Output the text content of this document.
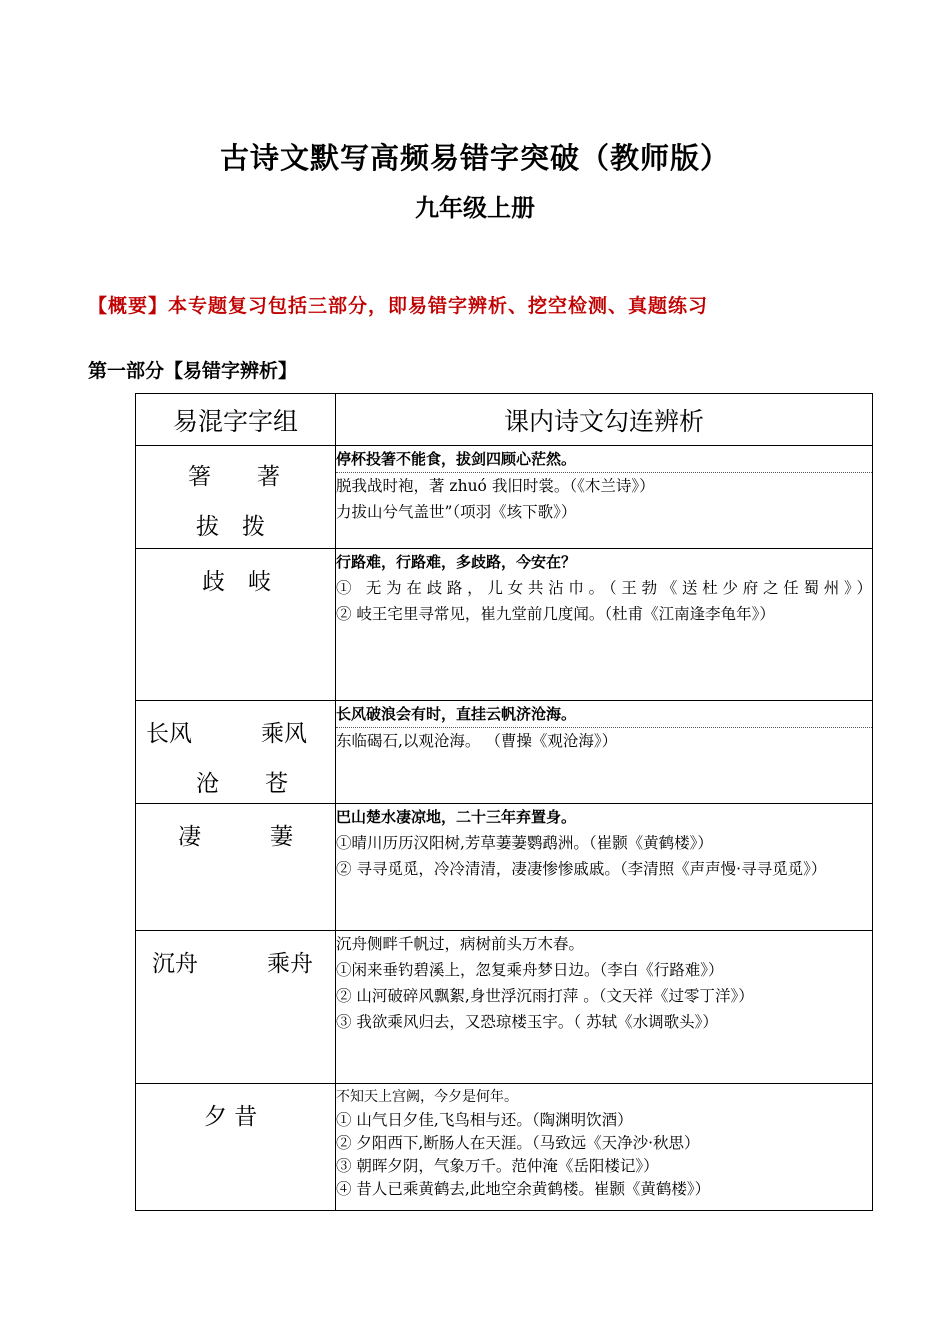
古诗文默写高频易错字突破（教师版）
九年级上册
【概要】本专题复习包括三部分，即易错字辨析、挖空检测、真题练习
第一部分【易错字辨析】
易混字字组	课内诗文勾连辨析

箸　　著
拔　拨	停杯投箸不能食，拔剑四顾心茫然。
脱我战时袍，著 zhuó 我旧时裳。（《木兰诗》）
力拔山兮气盖世”（项羽《垓下歌》）

歧　岐	行路难，行路难，多歧路，今安在？
① 无为在歧路，儿女共沾巾。（王勃《送杜少府之任蜀州》）
② 岐王宅里寻常见，崔九堂前几度闻。（杜甫《江南逢李龟年》）

长风　　　乘风
沧　　苍	长风破浪会有时，直挂云帆济沧海。
东临碣石,以观沧海。 （曹操《观沧海》）

凄　　　萋	巴山楚水凄凉地，二十三年弃置身。
①晴川历历汉阳树,芳草萋萋鹦鹉洲。（崔颢《黄鹤楼》）
② 寻寻觅觅，冷冷清清，凄凄惨惨戚戚。（李清照《声声慢·寻寻觅觅》）

沉舟　　　乘舟	沉舟侧畔千帆过，病树前头万木春。
①闲来垂钓碧溪上，忽复乘舟梦日边。（李白《行路难》）
② 山河破碎风飘絮,身世浮沉雨打萍 。（文天祥《过零丁洋》）
③ 我欲乘风归去，又恐琼楼玉宇。（ 苏轼《水调歌头》）

夕 昔	不知天上宫阙，今夕是何年。
① 山气日夕佳,飞鸟相与还。（陶渊明饮酒）
② 夕阳西下,断肠人在天涯。（马致远《天净沙·秋思）
③ 朝晖夕阴，气象万千。范仲淹《岳阳楼记》）
④ 昔人已乘黄鹤去,此地空余黄鹤楼。崔颢《黄鹤楼》）
